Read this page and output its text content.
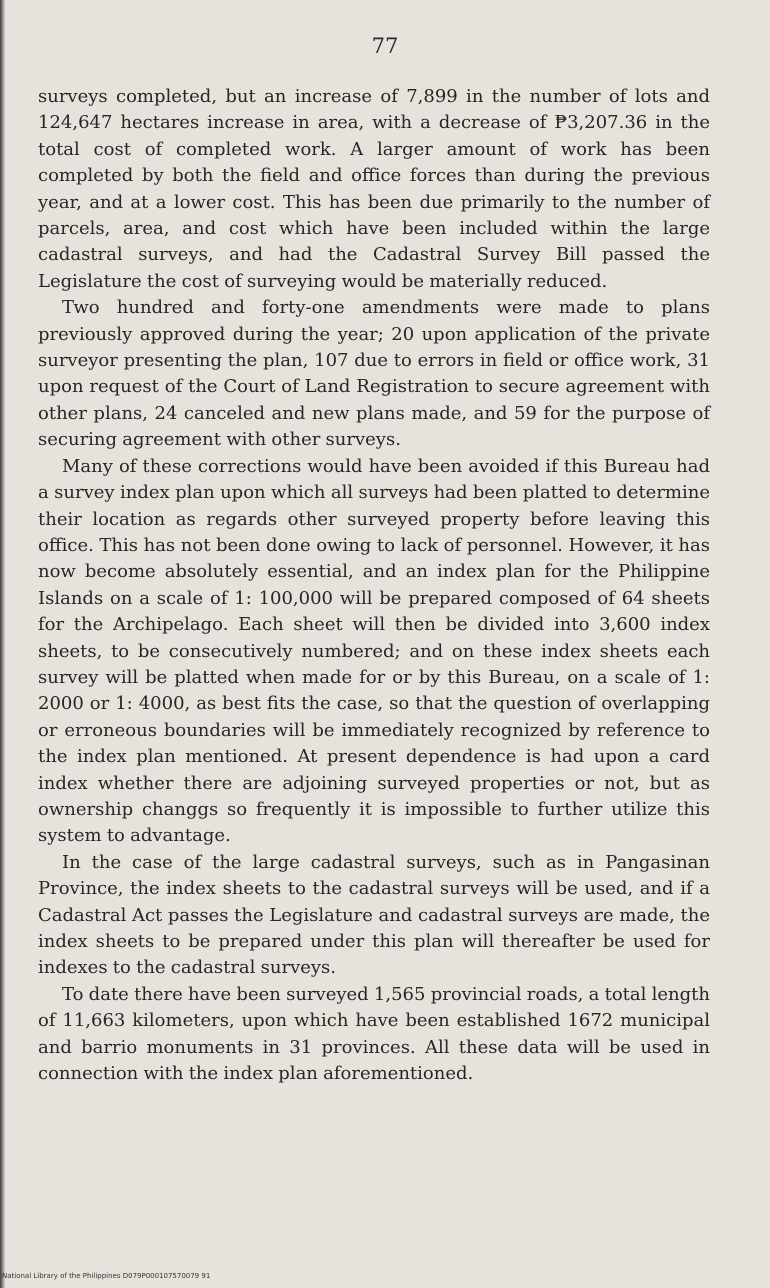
77

surveys completed, but an increase of 7,899 in the number of lots and 124,647 hectares increase in area, with a decrease of ₱3,207.36 in the total cost of completed work. A larger amount of work has been completed by both the field and office forces than during the previous year, and at a lower cost. This has been due primarily to the number of parcels, area, and cost which have been included within the large cadastral surveys, and had the Cadastral Survey Bill passed the Legislature the cost of surveying would be materially reduced.

Two hundred and forty-one amendments were made to plans previously approved during the year; 20 upon application of the private surveyor presenting the plan, 107 due to errors in field or office work, 31 upon request of the Court of Land Registration to secure agreement with other plans, 24 canceled and new plans made, and 59 for the purpose of securing agreement with other surveys.

Many of these corrections would have been avoided if this Bureau had a survey index plan upon which all surveys had been platted to determine their location as regards other surveyed property before leaving this office. This has not been done owing to lack of personnel. However, it has now become absolutely essential, and an index plan for the Philippine Islands on a scale of 1: 100,000 will be prepared composed of 64 sheets for the Archipelago. Each sheet will then be divided into 3,600 index sheets, to be consecutively numbered; and on these index sheets each survey will be platted when made for or by this Bureau, on a scale of 1: 2000 or 1: 4000, as best fits the case, so that the question of overlapping or erroneous boundaries will be immediately recognized by reference to the index plan mentioned. At present dependence is had upon a card index whether there are adjoining surveyed properties or not, but as ownership changgs so frequently it is impossible to further utilize this system to advantage.

In the case of the large cadastral surveys, such as in Pangasinan Province, the index sheets to the cadastral surveys will be used, and if a Cadastral Act passes the Legislature and cadastral surveys are made, the index sheets to be prepared under this plan will thereafter be used for indexes to the cadastral surveys.

To date there have been surveyed 1,565 provincial roads, a total length of 11,663 kilometers, upon which have been established 1672 municipal and barrio monuments in 31 provinces. All these data will be used in connection with the index plan aforementioned.

National Library of the Philippines D079P000107570079 91
